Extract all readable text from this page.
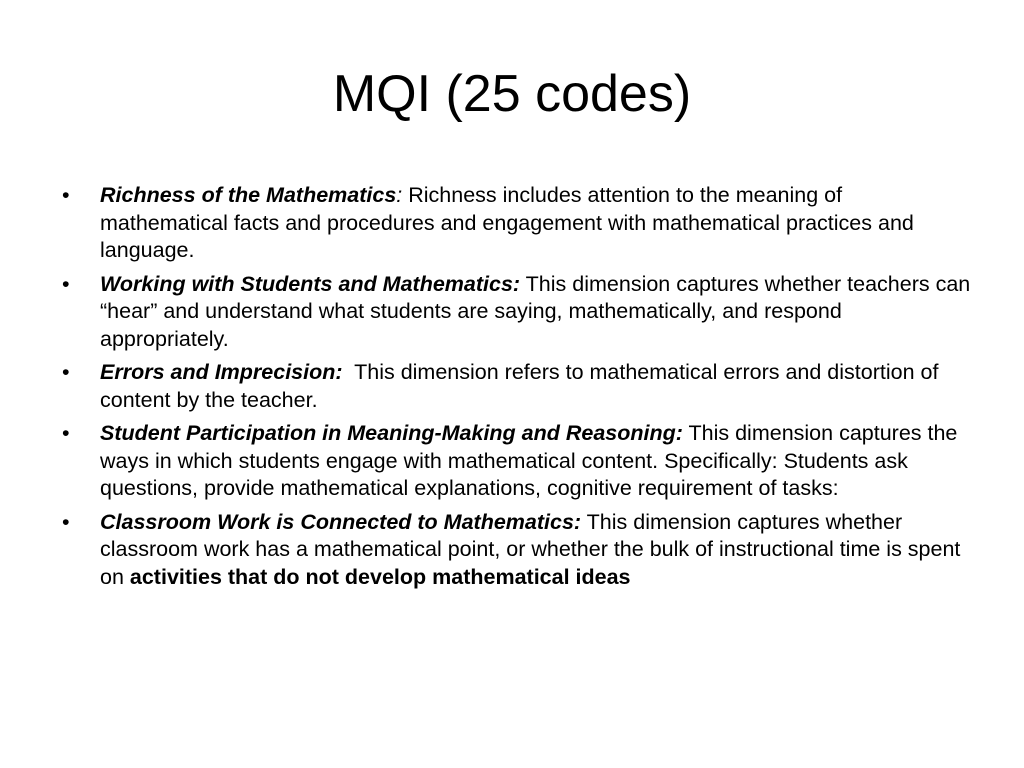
MQI (25 codes)
•	Richness of the Mathematics: Richness includes attention to the meaning of mathematical facts and procedures and engagement with mathematical practices and language.
•	Working with Students and Mathematics: This dimension captures whether teachers can “hear” and understand what students are saying, mathematically, and respond appropriately.
•	Errors and Imprecision:  This dimension refers to mathematical errors and distortion of content by the teacher.
•	Student Participation in Meaning-Making and Reasoning: This dimension captures the ways in which students engage with mathematical content. Specifically: Students ask questions, provide mathematical explanations, cognitive requirement of tasks:
•	Classroom Work is Connected to Mathematics: This dimension captures whether classroom work has a mathematical point, or whether the bulk of instructional time is spent on activities that do not develop mathematical ideas
